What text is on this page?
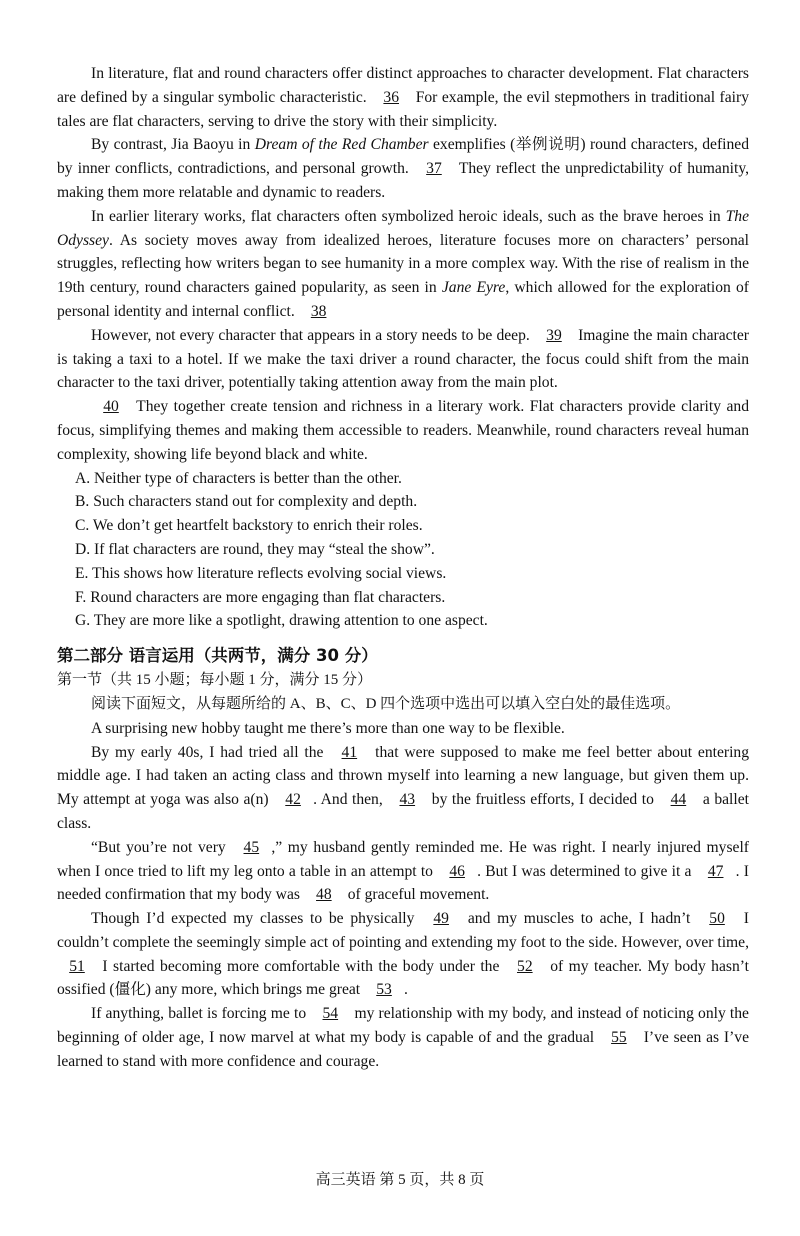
In literature, flat and round characters offer distinct approaches to character development. Flat characters are defined by a singular symbolic characteristic. 36 For example, the evil stepmothers in traditional fairy tales are flat characters, serving to drive the story with their simplicity.

By contrast, Jia Baoyu in Dream of the Red Chamber exemplifies (举例说明) round characters, defined by inner conflicts, contradictions, and personal growth. 37 They reflect the unpredictability of humanity, making them more relatable and dynamic to readers.

In earlier literary works, flat characters often symbolized heroic ideals, such as the brave heroes in The Odyssey. As society moves away from idealized heroes, literature focuses more on characters’ personal struggles, reflecting how writers began to see humanity in a more complex way. With the rise of realism in the 19th century, round characters gained popularity, as seen in Jane Eyre, which allowed for the exploration of personal identity and internal conflict. 38

However, not every character that appears in a story needs to be deep. 39 Imagine the main character is taking a taxi to a hotel. If we make the taxi driver a round character, the focus could shift from the main character to the taxi driver, potentially taking attention away from the main plot.

40 They together create tension and richness in a literary work. Flat characters provide clarity and focus, simplifying themes and making them accessible to readers. Meanwhile, round characters reveal human complexity, showing life beyond black and white.

A. Neither type of characters is better than the other.

B. Such characters stand out for complexity and depth.

C. We don’t get heartfelt backstory to enrich their roles.

D. If flat characters are round, they may “steal the show”.

E. This shows how literature reflects evolving social views.

F. Round characters are more engaging than flat characters.

G. They are more like a spotlight, drawing attention to one aspect.

第二部分 语言运用（共两节，满分 30 分）

第一节（共 15 小题；每小题 1 分，满分 15 分）

阅读下面短文，从每题所给的 A、B、C、D 四个选项中选出可以填入空白处的最佳选项。

A surprising new hobby taught me there’s more than one way to be flexible.

By my early 40s, I had tried all the 41 that were supposed to make me feel better about entering middle age. I had taken an acting class and thrown myself into learning a new language, but given them up. My attempt at yoga was also a(n) 42 . And then, 43 by the fruitless efforts, I decided to 44 a ballet class.

“But you’re not very 45 ,” my husband gently reminded me. He was right. I nearly injured myself when I once tried to lift my leg onto a table in an attempt to 46 . But I was determined to give it a 47 . I needed confirmation that my body was 48 of graceful movement.

Though I’d expected my classes to be physically 49 and my muscles to ache, I hadn’t 50 I couldn’t complete the seemingly simple act of pointing and extending my foot to the side. However, over time, 51 I started becoming more comfortable with the body under the 52 of my teacher. My body hasn’t ossified (僵化) any more, which brings me great 53 .

If anything, ballet is forcing me to 54 my relationship with my body, and instead of noticing only the beginning of older age, I now marvel at what my body is capable of and the gradual 55 I’ve seen as I’ve learned to stand with more confidence and courage.

高三英语 第 5 页，共 8 页
